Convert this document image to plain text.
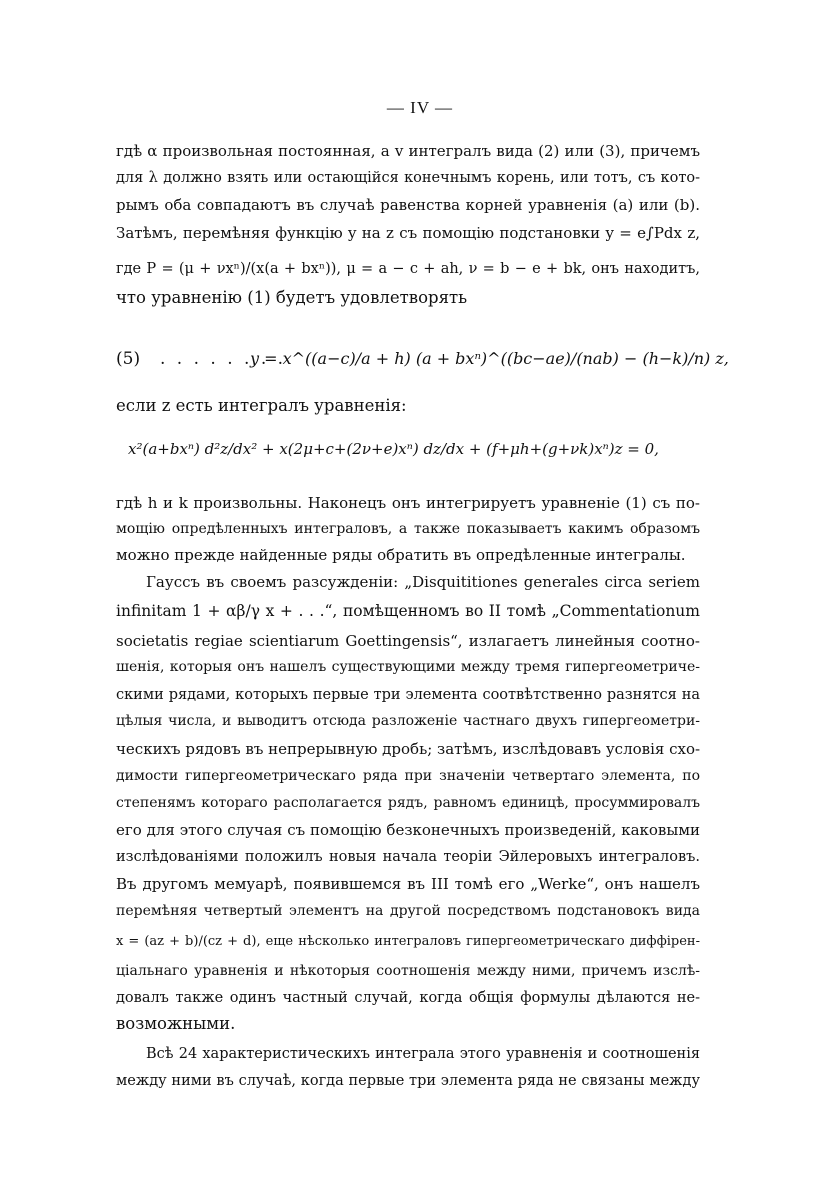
— IV —
гдѣ α произвольная постоянная, а v интегралъ вида (2) или (3), причемъ
для λ должно взять или остающійся конечнымъ корень, или тотъ, съ кото-
рымъ оба совпадаютъ въ случаѣ равенства корней уравненія (a) или (b).
Затѣмъ, перемѣняя функцію y на z съ помощію подстановки y = e∫Pdx z,
где P = (μ + νxⁿ)/(x(a + bxⁿ)), μ = a − c + ah, ν = b − e + bk, онъ находитъ,
что уравненію (1) будетъ удовлетворять
(5) . . . . . . . .
y = x^((a−c)/a + h) (a + bxⁿ)^((bc−ae)/(nab) − (h−k)/n) z,
если z есть интегралъ уравненія:
x²(a+bxⁿ) d²z/dx² + x(2μ+c+(2ν+e)xⁿ) dz/dx + (f+μh+(g+νk)xⁿ)z = 0,
гдѣ h и k произвольны. Наконецъ онъ интегрируетъ уравненіе (1) съ по-
мощію опредѣленныхъ интеграловъ, а также показываетъ какимъ образомъ
можно прежде найденные ряды обратить въ опредѣленные интегралы.
Гауссъ въ своемъ разсужденіи: „Disquititiones generales circa seriem
infinitam 1 + αβ/γ x + . . .“, помѣщенномъ во II томѣ „Commentationum
societatis regiae scientiarum Goettingensis“, излагаетъ линейныя соотно-
шенія, которыя онъ нашелъ существующими между тремя гипергеометриче-
скими рядами, которыхъ первые три элемента соотвѣтственно разнятся на
цѣлыя числа, и выводитъ отсюда разложеніе частнаго двухъ гипергеометри-
ческихъ рядовъ въ непрерывную дробь; затѣмъ, изслѣдовавъ условія схо-
димости гипергеометрическаго ряда при значеніи четвертаго элемента, по
степенямъ котораго располагается рядъ, равномъ единицѣ, просуммировалъ
его для этого случая съ помощію безконечныхъ произведеній, каковыми
изслѣдованіями положилъ новыя начала теоріи Эйлеровыхъ интеграловъ.
Въ другомъ мемуарѣ, появившемся въ III томѣ его „Werke“, онъ нашелъ
перемѣняя четвертый элементъ на другой посредствомъ подстановокъ вида
x = (az + b)/(cz + d), еще нѣсколько интеграловъ гипергеометрическаго диффірен-
ціальнаго уравненія и нѣкоторыя соотношенія между ними, причемъ изслѣ-
довалъ также одинъ частный случай, когда общія формулы дѣлаются не-
возможными.
Всѣ 24 характеристическихъ интеграла этого уравненія и соотношенія
между ними въ случаѣ, когда первые три элемента ряда не связаны между
